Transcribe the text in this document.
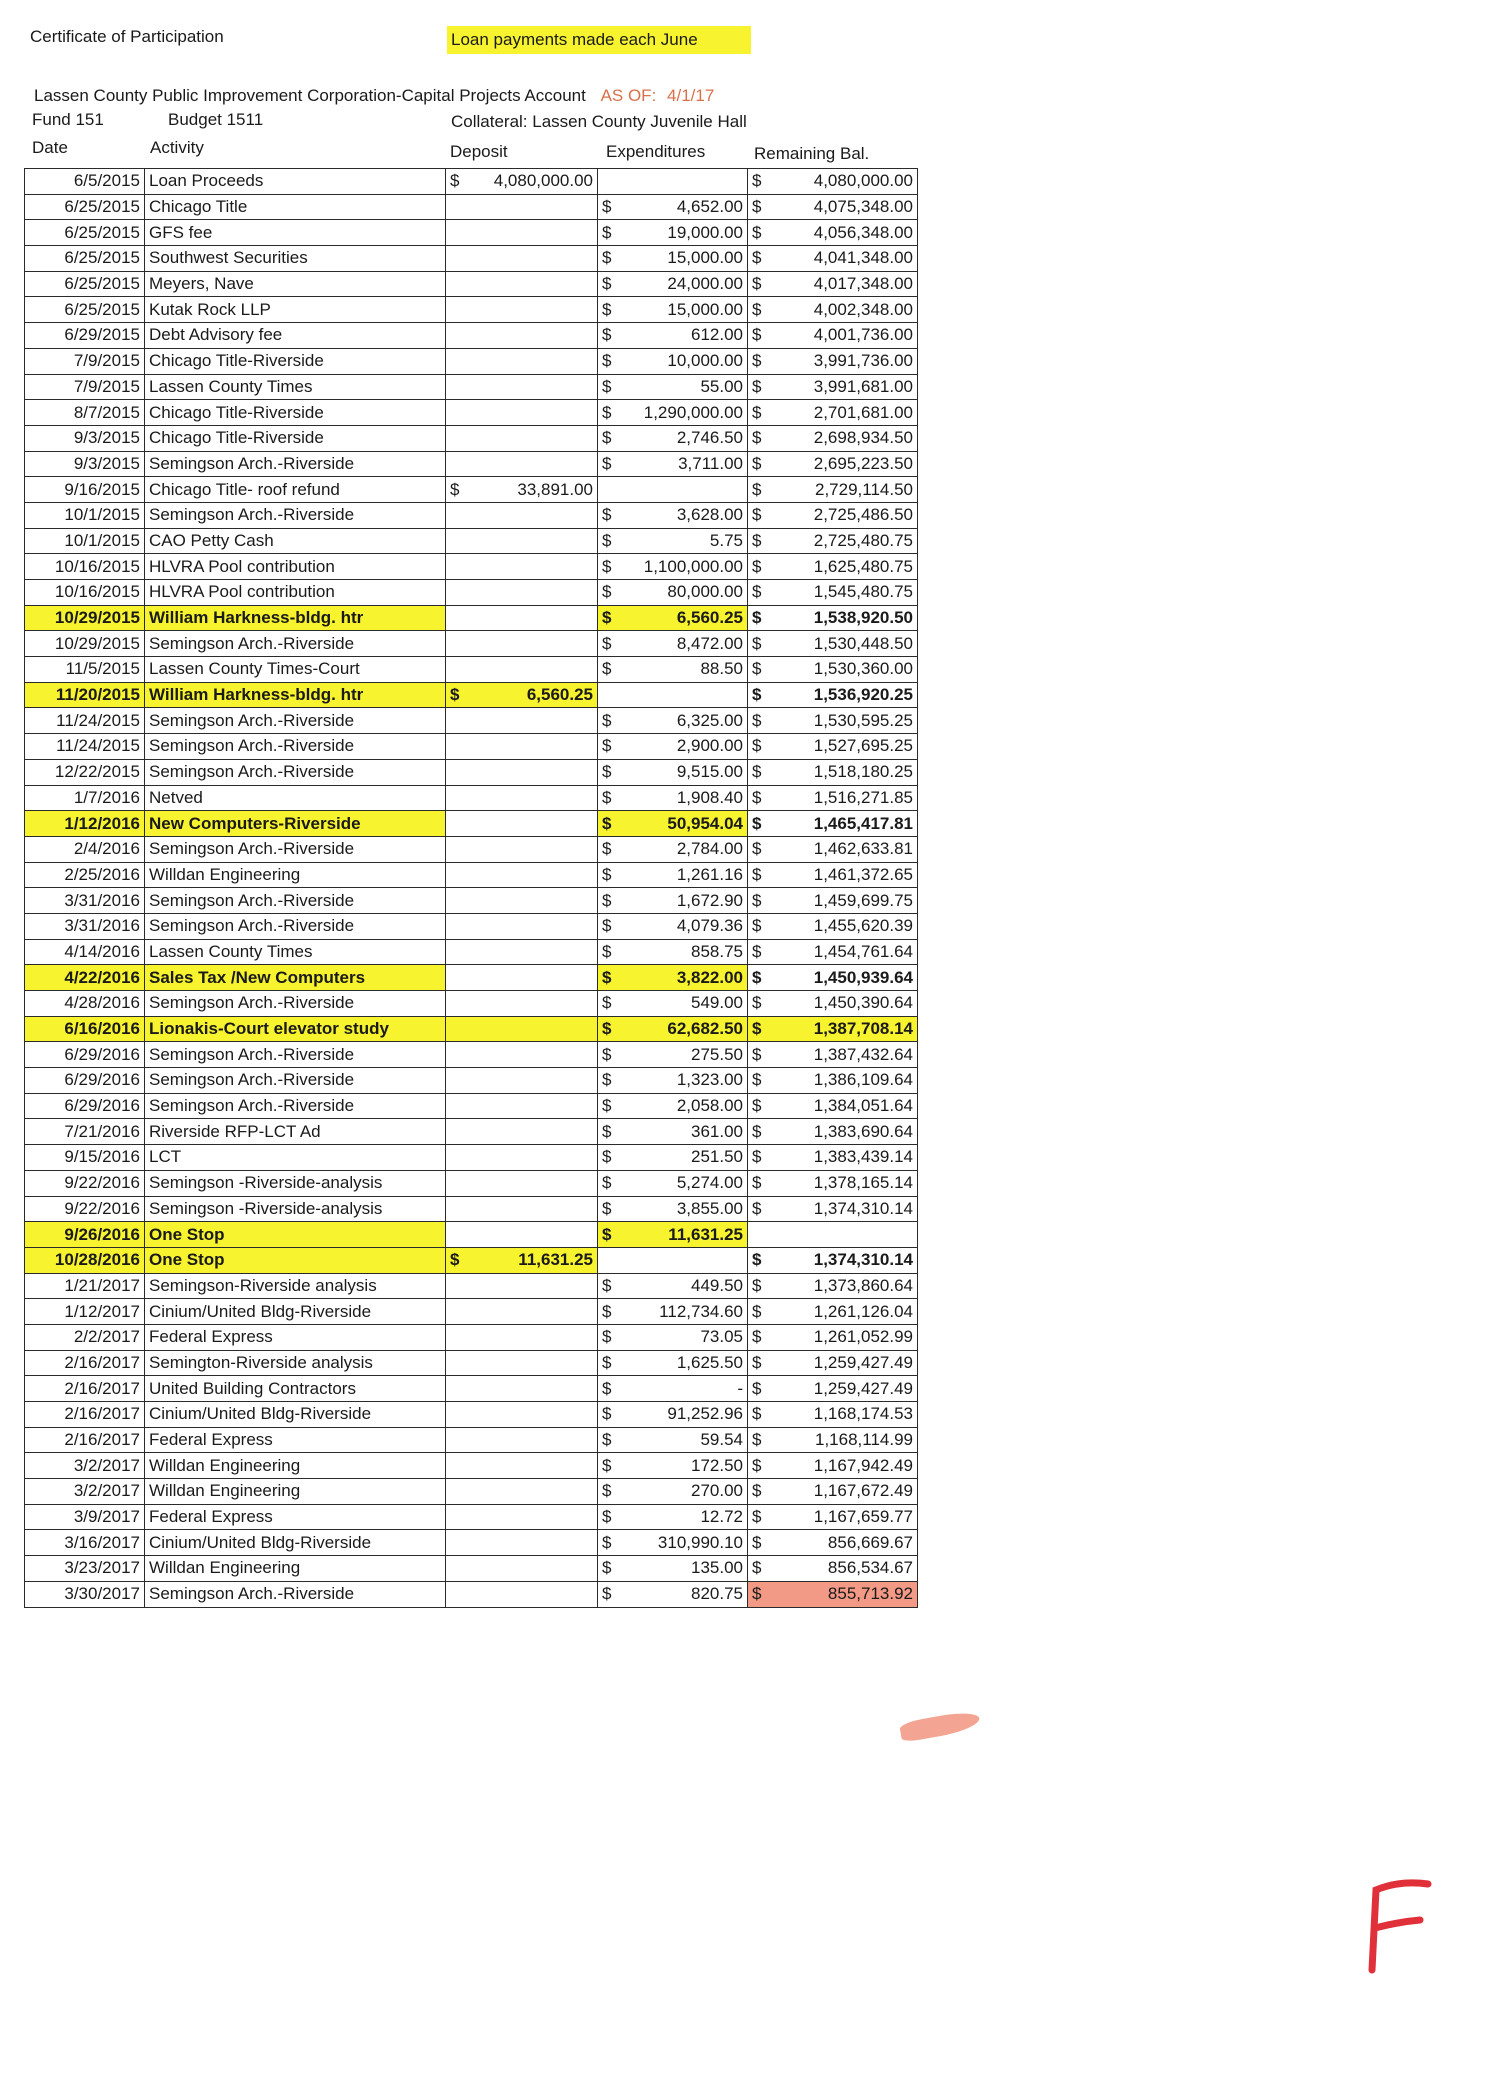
Certificate of Participation	Loan payments made each June
Lassen County Public Improvement Corporation-Capital Projects Account AS OF: 4/1/17
Fund 151	Budget 1511	Collateral: Lassen County Juvenile Hall
Date	Activity	Deposit	Expenditures	Remaining Bal.
6/5/2015	Loan Proceeds	$ 4,080,000.00		$ 4,080,000.00

6/25/2015	Chicago Title		$ 4,652.00	$ 4,075,348.00

6/25/2015	GFS fee		$ 19,000.00	$ 4,056,348.00

6/25/2015	Southwest Securities		$ 15,000.00	$ 4,041,348.00

6/25/2015	Meyers, Nave		$ 24,000.00	$ 4,017,348.00

6/25/2015	Kutak Rock LLP		$ 15,000.00	$ 4,002,348.00

6/29/2015	Debt Advisory fee		$ 612.00	$ 4,001,736.00

7/9/2015	Chicago Title-Riverside		$ 10,000.00	$ 3,991,736.00

7/9/2015	Lassen County Times		$ 55.00	$ 3,991,681.00

8/7/2015	Chicago Title-Riverside		$ 1,290,000.00	$ 2,701,681.00

9/3/2015	Chicago Title-Riverside		$ 2,746.50	$ 2,698,934.50

9/3/2015	Semingson Arch.-Riverside		$ 3,711.00	$ 2,695,223.50

9/16/2015	Chicago Title- roof refund	$ 33,891.00		$ 2,729,114.50

10/1/2015	Semingson Arch.-Riverside		$ 3,628.00	$ 2,725,486.50

10/1/2015	CAO Petty Cash		$ 5.75	$ 2,725,480.75

10/16/2015	HLVRA Pool contribution		$ 1,100,000.00	$ 1,625,480.75

10/16/2015	HLVRA Pool contribution		$ 80,000.00	$ 1,545,480.75

10/29/2015	William Harkness-bldg. htr		$ 6,560.25	$ 1,538,920.50

10/29/2015	Semingson Arch.-Riverside		$ 8,472.00	$ 1,530,448.50

11/5/2015	Lassen County Times-Court		$ 88.50	$ 1,530,360.00

11/20/2015	William Harkness-bldg. htr	$ 6,560.25		$ 1,536,920.25

11/24/2015	Semingson Arch.-Riverside		$ 6,325.00	$ 1,530,595.25

11/24/2015	Semingson Arch.-Riverside		$ 2,900.00	$ 1,527,695.25

12/22/2015	Semingson Arch.-Riverside		$ 9,515.00	$ 1,518,180.25

1/7/2016	Netved		$ 1,908.40	$ 1,516,271.85

1/12/2016	New Computers-Riverside		$ 50,954.04	$ 1,465,417.81

2/4/2016	Semingson Arch.-Riverside		$ 2,784.00	$ 1,462,633.81

2/25/2016	Willdan Engineering		$ 1,261.16	$ 1,461,372.65

3/31/2016	Semingson Arch.-Riverside		$ 1,672.90	$ 1,459,699.75

3/31/2016	Semingson Arch.-Riverside		$ 4,079.36	$ 1,455,620.39

4/14/2016	Lassen County Times		$ 858.75	$ 1,454,761.64

4/22/2016	Sales Tax /New Computers		$ 3,822.00	$ 1,450,939.64

4/28/2016	Semingson Arch.-Riverside		$ 549.00	$ 1,450,390.64

6/16/2016	Lionakis-Court elevator study		$ 62,682.50	$ 1,387,708.14

6/29/2016	Semingson Arch.-Riverside		$ 275.50	$ 1,387,432.64

6/29/2016	Semingson Arch.-Riverside		$ 1,323.00	$ 1,386,109.64

6/29/2016	Semingson Arch.-Riverside		$ 2,058.00	$ 1,384,051.64

7/21/2016	Riverside RFP-LCT Ad		$ 361.00	$ 1,383,690.64

9/15/2016	LCT		$ 251.50	$ 1,383,439.14

9/22/2016	Semingson -Riverside-analysis		$ 5,274.00	$ 1,378,165.14

9/22/2016	Semingson -Riverside-analysis		$ 3,855.00	$ 1,374,310.14

9/26/2016	One Stop		$ 11,631.25	

10/28/2016	One Stop	$ 11,631.25		$ 1,374,310.14

1/21/2017	Semingson-Riverside analysis		$ 449.50	$ 1,373,860.64

1/12/2017	Cinium/United Bldg-Riverside		$ 112,734.60	$ 1,261,126.04

2/2/2017	Federal Express		$ 73.05	$ 1,261,052.99

2/16/2017	Semington-Riverside analysis		$ 1,625.50	$ 1,259,427.49

2/16/2017	United Building Contractors		$ -	$ 1,259,427.49

2/16/2017	Cinium/United Bldg-Riverside		$ 91,252.96	$ 1,168,174.53

2/16/2017	Federal Express		$ 59.54	$ 1,168,114.99

3/2/2017	Willdan Engineering		$ 172.50	$ 1,167,942.49

3/2/2017	Willdan Engineering		$ 270.00	$ 1,167,672.49

3/9/2017	Federal Express		$ 12.72	$ 1,167,659.77

3/16/2017	Cinium/United Bldg-Riverside		$ 310,990.10	$ 856,669.67

3/23/2017	Willdan Engineering		$ 135.00	$ 856,534.67

3/30/2017	Semingson Arch.-Riverside		$ 820.75	$ 855,713.92
